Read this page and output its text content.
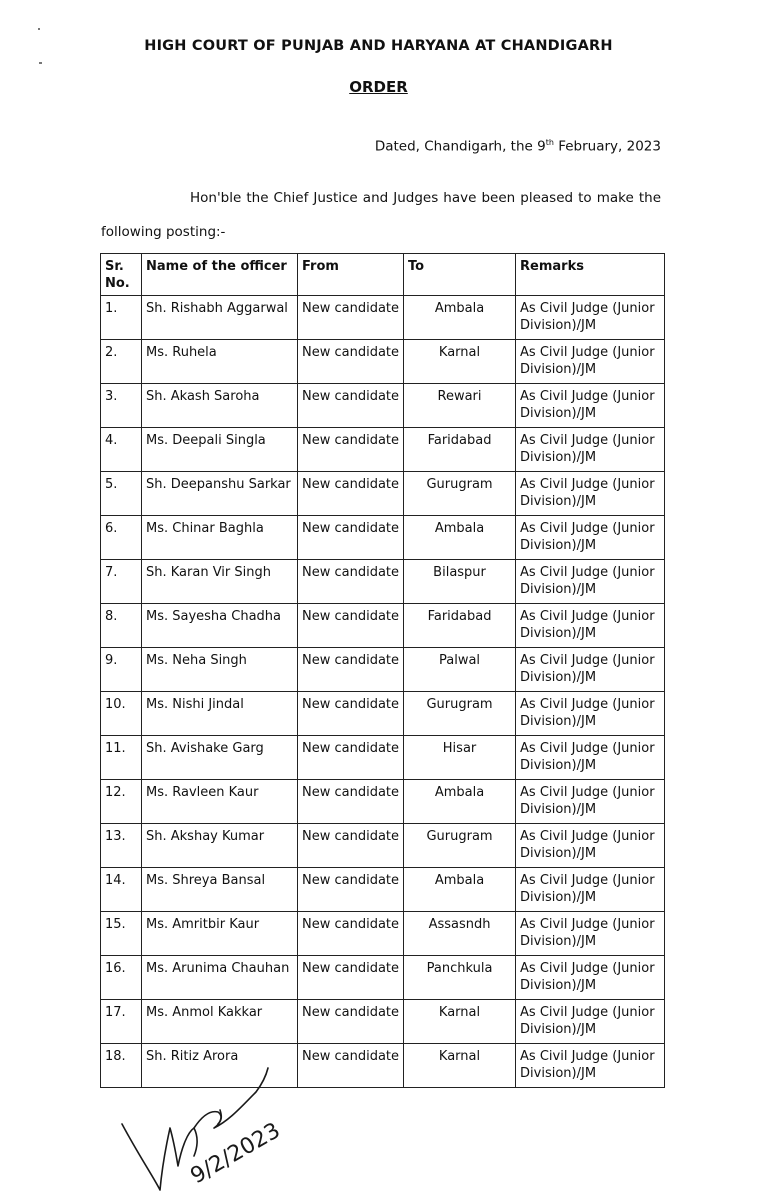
HIGH COURT OF PUNJAB AND HARYANA AT CHANDIGARH
ORDER
Dated, Chandigarh, the 9th February, 2023
Hon'ble the Chief Justice and Judges have been pleased to make the
following posting:-
Sr. No.	Name of the officer	From	To	Remarks
1.	Sh. Rishabh Aggarwal	New candidate	Ambala	As Civil Judge (Junior Division)/JM
2.	Ms. Ruhela	New candidate	Karnal	As Civil Judge (Junior Division)/JM
3.	Sh. Akash Saroha	New candidate	Rewari	As Civil Judge (Junior Division)/JM
4.	Ms. Deepali Singla	New candidate	Faridabad	As Civil Judge (Junior Division)/JM
5.	Sh. Deepanshu Sarkar	New candidate	Gurugram	As Civil Judge (Junior Division)/JM
6.	Ms. Chinar Baghla	New candidate	Ambala	As Civil Judge (Junior Division)/JM
7.	Sh. Karan Vir Singh	New candidate	Bilaspur	As Civil Judge (Junior Division)/JM
8.	Ms. Sayesha Chadha	New candidate	Faridabad	As Civil Judge (Junior Division)/JM
9.	Ms. Neha Singh	New candidate	Palwal	As Civil Judge (Junior Division)/JM
10.	Ms. Nishi Jindal	New candidate	Gurugram	As Civil Judge (Junior Division)/JM
11.	Sh. Avishake Garg	New candidate	Hisar	As Civil Judge (Junior Division)/JM
12.	Ms. Ravleen Kaur	New candidate	Ambala	As Civil Judge (Junior Division)/JM
13.	Sh. Akshay Kumar	New candidate	Gurugram	As Civil Judge (Junior Division)/JM
14.	Ms. Shreya Bansal	New candidate	Ambala	As Civil Judge (Junior Division)/JM
15.	Ms. Amritbir Kaur	New candidate	Assasndh	As Civil Judge (Junior Division)/JM
16.	Ms. Arunima Chauhan	New candidate	Panchkula	As Civil Judge (Junior Division)/JM
17.	Ms. Anmol Kakkar	New candidate	Karnal	As Civil Judge (Junior Division)/JM
18.	Sh. Ritiz Arora	New candidate	Karnal	As Civil Judge (Junior Division)/JM
9/2/2023
